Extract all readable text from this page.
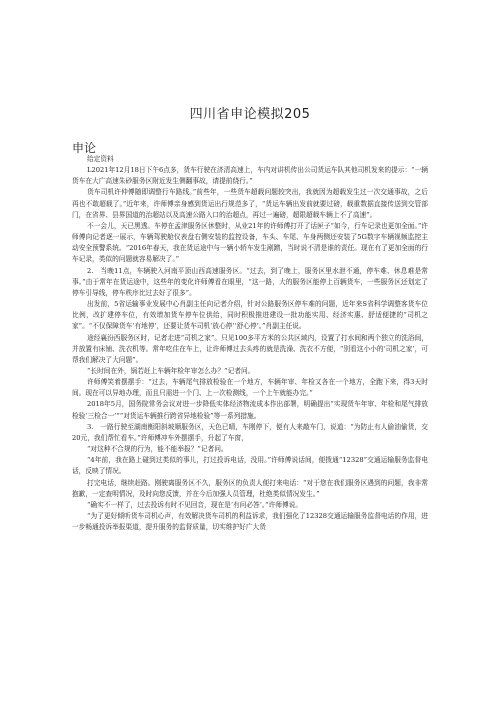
四川省申论模拟205
申论

给定资料

L2021年12月18日下午6点多，货车行驶在济清高速上，车内对讲机传出公司货运车队其他司机发来的提示：“一辆货车在大广高速朱砂服务区附近发生侧翻事故，请提前绕行。”

货车司机许仲傅随即调整行车路线。”前些年，一些货车超载问题较突出，我就因为超载发生过一次交通事故，之后再也不敢超载了。”近年来，许师傅亲身感到货运出行规范多了，“货运车辆出发前就要过磅，载重数据直接传送到交管部门，在省界、县界国道的治超站以及高速公路入口的治超点，再过一遍磅，超限超载车辆上不了高速”。

不一会儿，天已黑透。车停在孟津服务区休整时，从业21年的许师傅打开了话匣子“如今，行车记录也更加全面。”许师傅向记者逐一展示，车辆驾驶舱仪表盘右侧安装的监控设备，车头、车尾、车身两侧还安装了5G数字车辆视频监控主动安全预警系统。“2016年春天，我在货运途中与一辆小轿车发生剐蹭，当时说不清是谁的责任。现在有了更加全面的行车记录，类似的问题就容易解决了。”

2.　当晚11点，车辆驶入河南平顶山西高速服务区。“过去，到了晚上，服务区里水泄不通，停车难、休息难是常事。”由于常年在货运途中，这些年的变化许师傅看在眼里，“这一路，大的服务区能停上百辆货车，一些服务区还划定了停车引导线，停车秩序比过去好了很多”。

出发前，5省运输事业发展中心肖副主任向记者介绍，针对公路服务区停车难的问题，近年来S省科学调整客货车位比例，改扩建停车位，有效增加货车停车位供给，同时积极推进建设一批功能实用、经济实惠、舒适便捷的“司机之家”。“不仅保障货车‘有地停’，还要让货车司机‘放心停’‘舒心停’。”肖副主任说。

途经襄汾西服务区时，记者走进“司机之家”。只见100多平方米的公共区域内，设置了打水间和两个独立的洗浴间，并放置有床铺、洗衣机等。常年吃住在车上，让许师傅过去头疼的就是洗澡、洗衣不方便，“别看这小小的‘司机之家’，可帮我们解决了大问题”。

“长时间在外，锅若赶上车辆年检年审怎么办？”记者问。

许师傅笑着摆摆手：“过去，车辆尾气排放检验在一个地方，车辆年审、年检又各在一个地方，全跑下来，得3天时间。现在可以异地办理，而且只需进一个门、上一次检测线，一个上午就能办完。”

2018年5月，国务院常务会议对进一步降低实体经济物流成本作出部署，明确提出“实现货车年审、年检和尾气排放检验‘三检合一’”“对货运车辆推行跨省异地检验”等一系列措施。

3.　一路行驶至湖南衡阳斜坡顺服务区，天色已晴，车刚停下，便有人来敲车门，说道：“为防止有人偷油偷货，交20元，我们帮忙看车。”许师傅冲车外摆摆手，升起了车窗，

“对这种不合规的行为，能不能举报？”记者问。

“4年前，我在路上碰到过类似的事儿，打过投诉电话，没用。”许师傅说话间，便拨通“12328”交通运输服务监督电话，反映了情况。

打完电话，继续赶路。刚驶离服务区不久，服务区的负责人便打来电话：“对于您在我们服务区遇到的问题，我非常抱歉，一定查明情况，及时向您反馈，并在今后加强人员管理，杜绝类似情况发生。”

“确实不一样了，过去投诉有时不见回音，现在是‘有问必答’。”许师傅说。

“为了更好倾听货车司机心声，有效解决货车司机的利益诉求，我们强化了12328交通运输服务监督电话的作用，进一步畅通投诉举报渠道，提升服务的监督质量，切实维护好广大货
